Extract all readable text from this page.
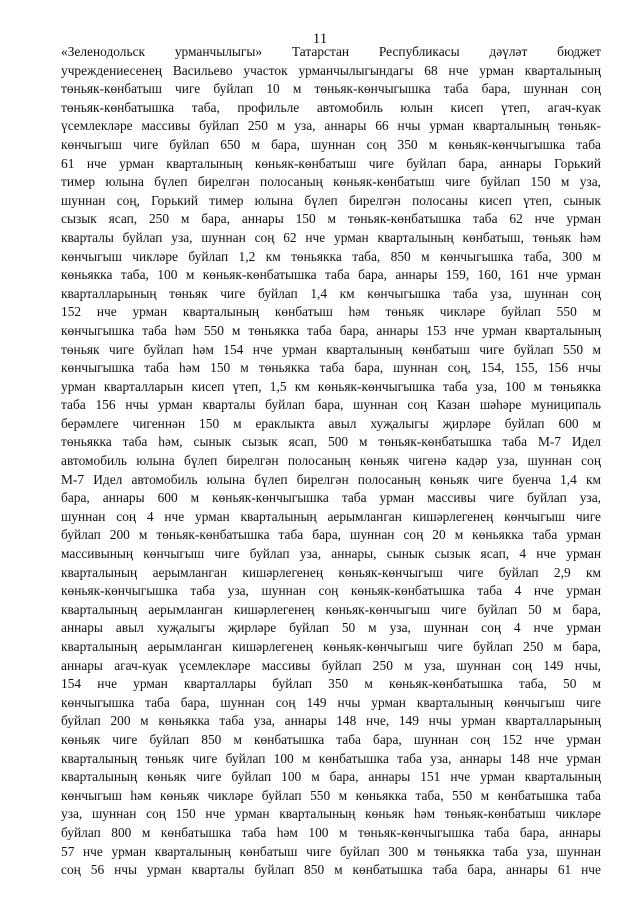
11
«Зеленодольск урманчылыгы» Татарстан Республикасы дәүләт бюджет
учреждениесенең Васильево участок урманчылыгындагы 68 нче урман кварталының
төньяк-көнбатыш чиге буйлап 10 м төньяк-көнчыгышка таба бара, шуннан соң
төньяк-көнбатышка таба, профильле автомобиль юлын кисеп үтеп, агач-куак
үсемлекләре массивы буйлап 250 м уза, аннары 66 нчы урман кварталының төньяк-
көнчыгыш чиге буйлап 650 м бара, шуннан соң 350 м көньяк-көнчыгышка таба
61 нче урман кварталының көньяк-көнбатыш чиге буйлап бара, аннары Горький
тимер юлына бүлеп бирелгән полосаның көньяк-көнбатыш чиге буйлап 150 м уза,
шуннан соң, Горький тимер юлына бүлеп бирелгән полосаны кисеп үтеп, сынык
сызык ясап, 250 м бара, аннары 150 м төньяк-көнбатышка таба 62 нче урман
кварталы буйлап уза, шуннан соң 62 нче урман кварталының көнбатыш, төньяк һәм
көнчыгыш чикләре буйлап 1,2 км төньякка таба, 850 м көнчыгышка таба, 300 м
көньякка таба, 100 м көньяк-көнбатышка таба бара, аннары 159, 160, 161 нче урман
кварталларының төньяк чиге буйлап 1,4 км көнчыгышка таба уза, шуннан соң
152 нче урман кварталының көнбатыш һәм төньяк чикләре буйлап 550 м
көнчыгышка таба һәм 550 м төньякка таба бара, аннары 153 нче урман кварталының
төньяк чиге буйлап һәм 154 нче урман кварталының көнбатыш чиге буйлап 550 м
көнчыгышка таба һәм 150 м төньякка таба бара, шуннан соң, 154, 155, 156 нчы
урман кварталларын кисеп үтеп, 1,5 км көньяк-көнчыгышка таба уза, 100 м төньякка
таба 156 нчы урман кварталы буйлап бара, шуннан соң Казан шәһәре муниципаль
берәмлеге чигеннән 150 м ераклыкта авыл хуҗалыгы җирләре буйлап 600 м
төньякка таба һәм, сынык сызык ясап, 500 м төньяк-көнбатышка таба М-7 Идел
автомобиль юлына бүлеп бирелгән полосаның көньяк чигенә кадәр уза, шуннан соң
М-7 Идел автомобиль юлына бүлеп бирелгән полосаның көньяк чиге буенча 1,4 км
бара, аннары 600 м көньяк-көнчыгышка таба урман массивы чиге буйлап уза,
шуннан соң 4 нче урман кварталының аерымланган кишәрлегенең көнчыгыш чиге
буйлап 200 м төньяк-көнбатышка таба бара, шуннан соң 20 м көньякка таба урман
массивының көнчыгыш чиге буйлап уза, аннары, сынык сызык ясап, 4 нче урман
кварталының аерымланган кишәрлегенең көньяк-көнчыгыш чиге буйлап 2,9 км
көньяк-көнчыгышка таба уза, шуннан соң көньяк-көнбатышка таба 4 нче урман
кварталының аерымланган кишәрлегенең көньяк-көнчыгыш чиге буйлап 50 м бара,
аннары авыл хуҗалыгы җирләре буйлап 50 м уза, шуннан соң 4 нче урман
кварталының аерымланган кишәрлегенең көньяк-көнчыгыш чиге буйлап 250 м бара,
аннары агач-куак үсемлекләре массивы буйлап 250 м уза, шуннан соң 149 нчы,
154 нче урман кварталлары буйлап 350 м көньяк-көнбатышка таба, 50 м
көнчыгышка таба бара, шуннан соң 149 нчы урман кварталының көнчыгыш чиге
буйлап 200 м көньякка таба уза, аннары 148 нче, 149 нчы урман кварталларының
көньяк чиге буйлап 850 м көнбатышка таба бара, шуннан соң 152 нче урман
кварталының төньяк чиге буйлап 100 м көнбатышка таба уза, аннары 148 нче урман
кварталының көньяк чиге буйлап 100 м бара, аннары 151 нче урман кварталының
көнчыгыш һәм көньяк чикләре буйлап 550 м көньякка таба, 550 м көнбатышка таба
уза, шуннан соң 150 нче урман кварталының көньяк һәм төньяк-көнбатыш чикләре
буйлап 800 м көнбатышка таба һәм 100 м төньяк-көнчыгышка таба бара, аннары
57 нче урман кварталының көнбатыш чиге буйлап 300 м төньякка таба уза, шуннан
соң 56 нчы урман кварталы буйлап 850 м көнбатышка таба бара, аннары 61 нче
